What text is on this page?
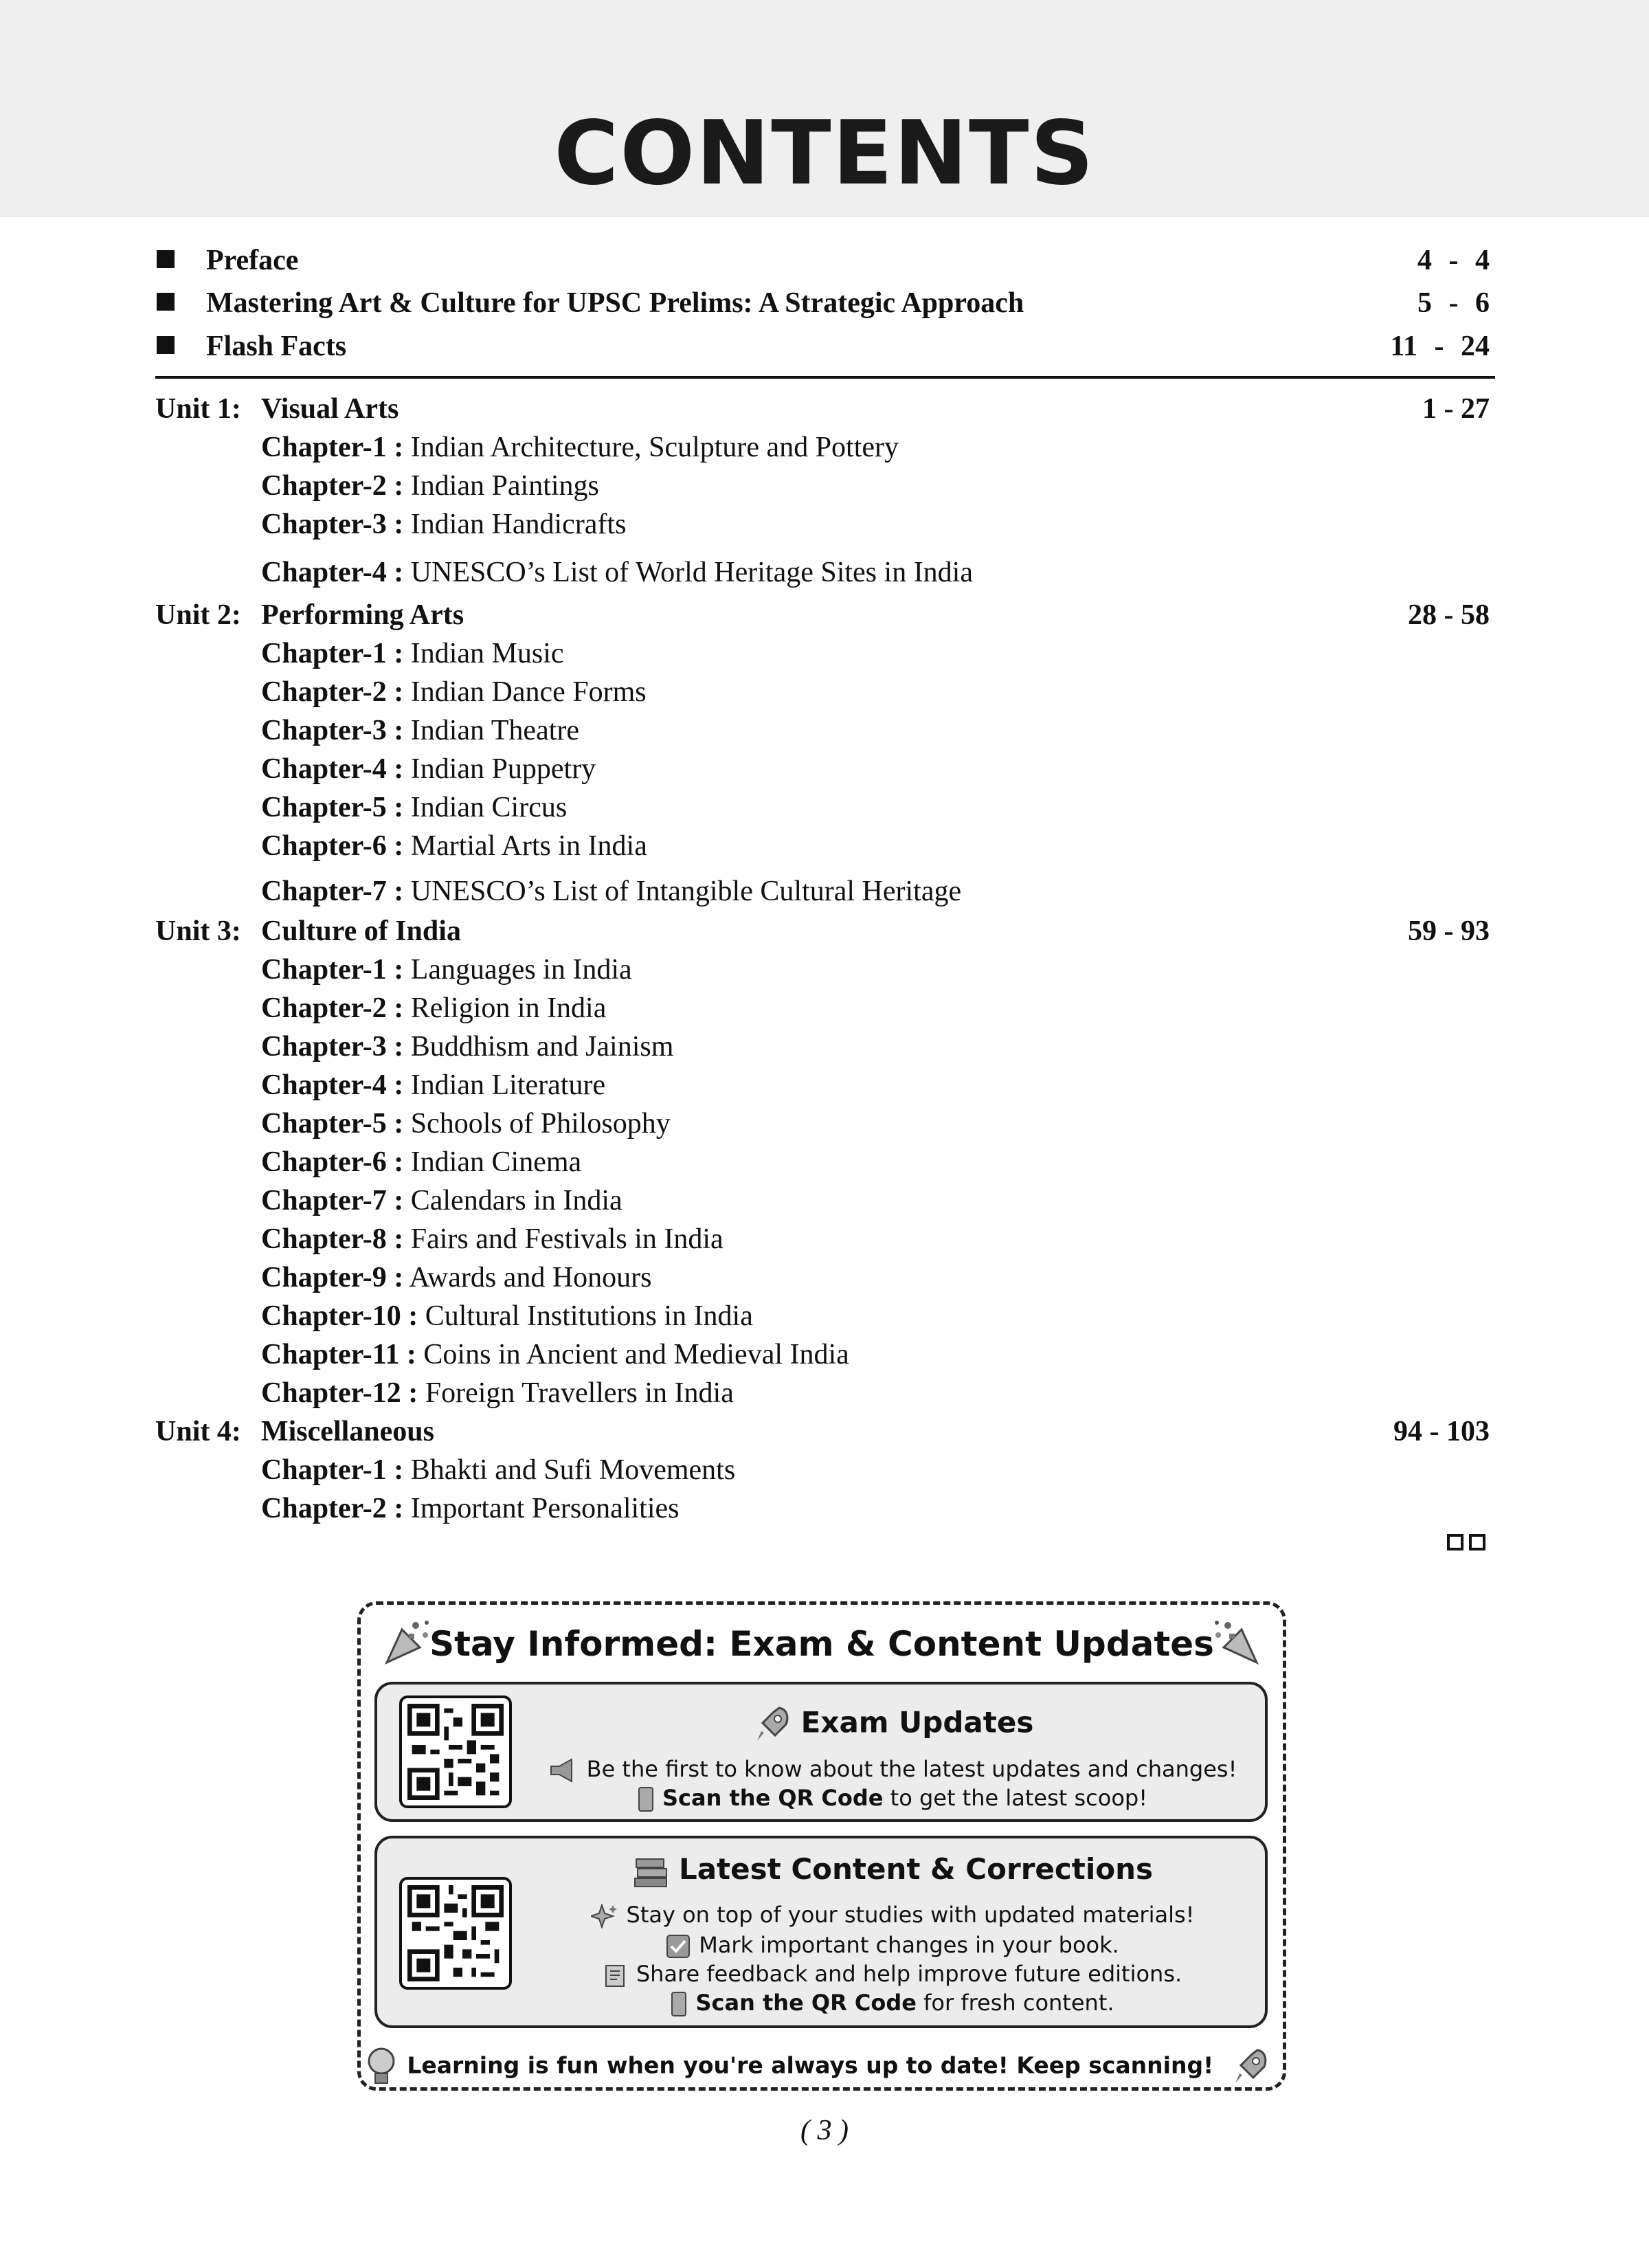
CONTENTS
Preface	4 - 4
Mastering Art & Culture for UPSC Prelims: A Strategic Approach	5 - 6
Flash Facts	11 - 24
Unit 1: Visual Arts	1 - 27
Chapter-1 : Indian Architecture, Sculpture and Pottery
Chapter-2 : Indian Paintings
Chapter-3 : Indian Handicrafts
Chapter-4 : UNESCO’s List of World Heritage Sites in India
Unit 2: Performing Arts	28 - 58
Chapter-1 : Indian Music
Chapter-2 : Indian Dance Forms
Chapter-3 : Indian Theatre
Chapter-4 : Indian Puppetry
Chapter-5 : Indian Circus
Chapter-6 : Martial Arts in India
Chapter-7 : UNESCO’s List of Intangible Cultural Heritage
Unit 3: Culture of India	59 - 93
Chapter-1 : Languages in India
Chapter-2 : Religion in India
Chapter-3 : Buddhism and Jainism
Chapter-4 : Indian Literature
Chapter-5 : Schools of Philosophy
Chapter-6 : Indian Cinema
Chapter-7 : Calendars in India
Chapter-8 : Fairs and Festivals in India
Chapter-9 : Awards and Honours
Chapter-10 : Cultural Institutions in India
Chapter-11 : Coins in Ancient and Medieval India
Chapter-12 : Foreign Travellers in India
Unit 4: Miscellaneous	94 - 103
Chapter-1 : Bhakti and Sufi Movements
Chapter-2 : Important Personalities
Stay Informed: Exam & Content Updates
Exam Updates
Be the first to know about the latest updates and changes!
Scan the QR Code to get the latest scoop!
Latest Content & Corrections
Stay on top of your studies with updated materials!
Mark important changes in your book.
Share feedback and help improve future editions.
Scan the QR Code for fresh content.
Learning is fun when you're always up to date! Keep scanning!
( 3 )
